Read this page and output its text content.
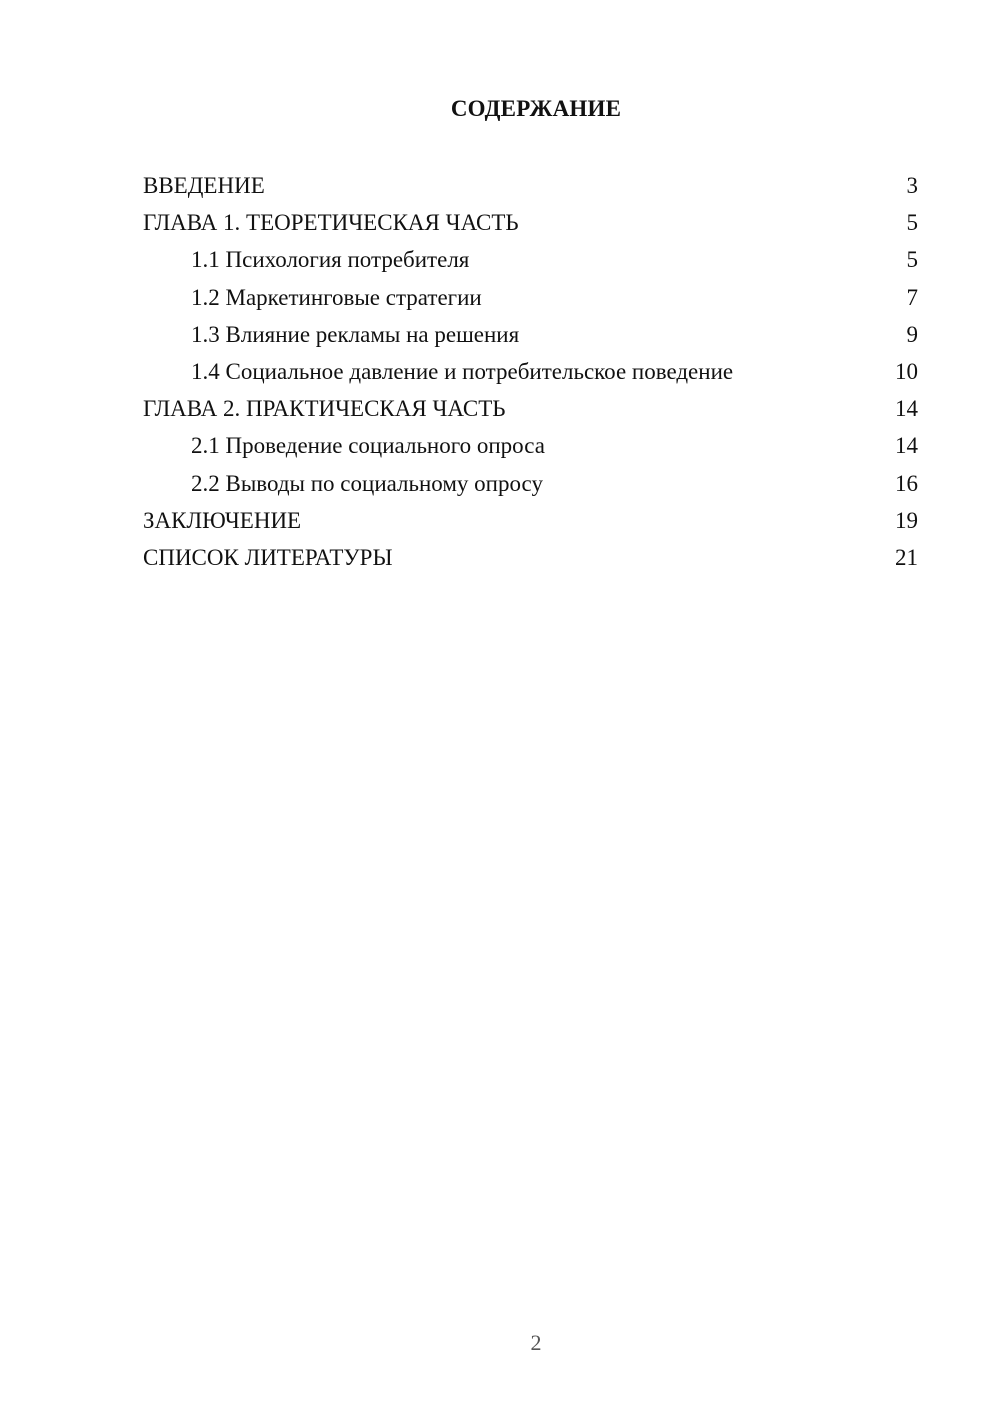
СОДЕРЖАНИЕ
ВВЕДЕНИЕ	3
ГЛАВА 1. ТЕОРЕТИЧЕСКАЯ ЧАСТЬ	5
1.1 Психология потребителя	5
1.2 Маркетинговые стратегии	7
1.3 Влияние рекламы на решения	9
1.4 Социальное давление и потребительское поведение	10
ГЛАВА 2. ПРАКТИЧЕСКАЯ ЧАСТЬ	14
2.1 Проведение социального опроса	14
2.2 Выводы по социальному опросу	16
ЗАКЛЮЧЕНИЕ	19
СПИСОК ЛИТЕРАТУРЫ	21
2
